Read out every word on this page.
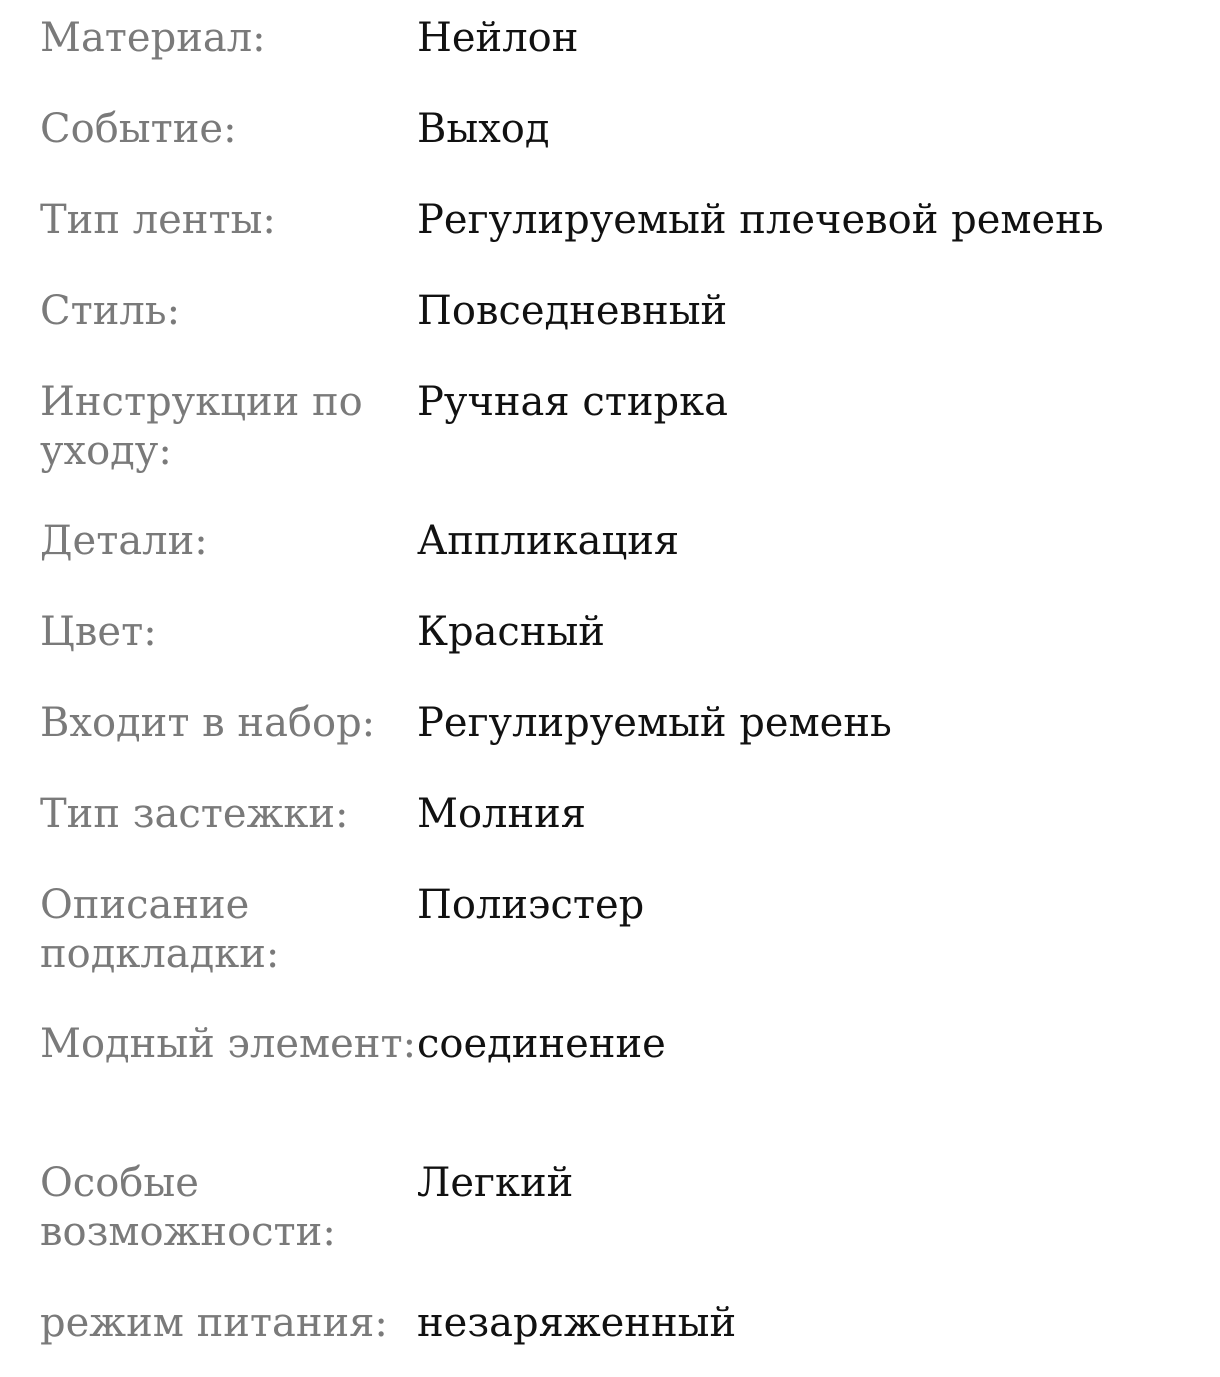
Материал:	Нейлон
Событие:	Выход
Тип ленты:	Регулируемый плечевой ремень
Стиль:	Повседневный
Инструкции по уходу:
Ручная стирка
Детали:	Аппликация
Цвет:	Красный
Входит в набор:	Регулируемый ремень
Тип застежки:	Молния
Описание подкладки:
Полиэстер
Модный элемент: соединение
Особые возможности:
Легкий
режим питания: незаряженный
